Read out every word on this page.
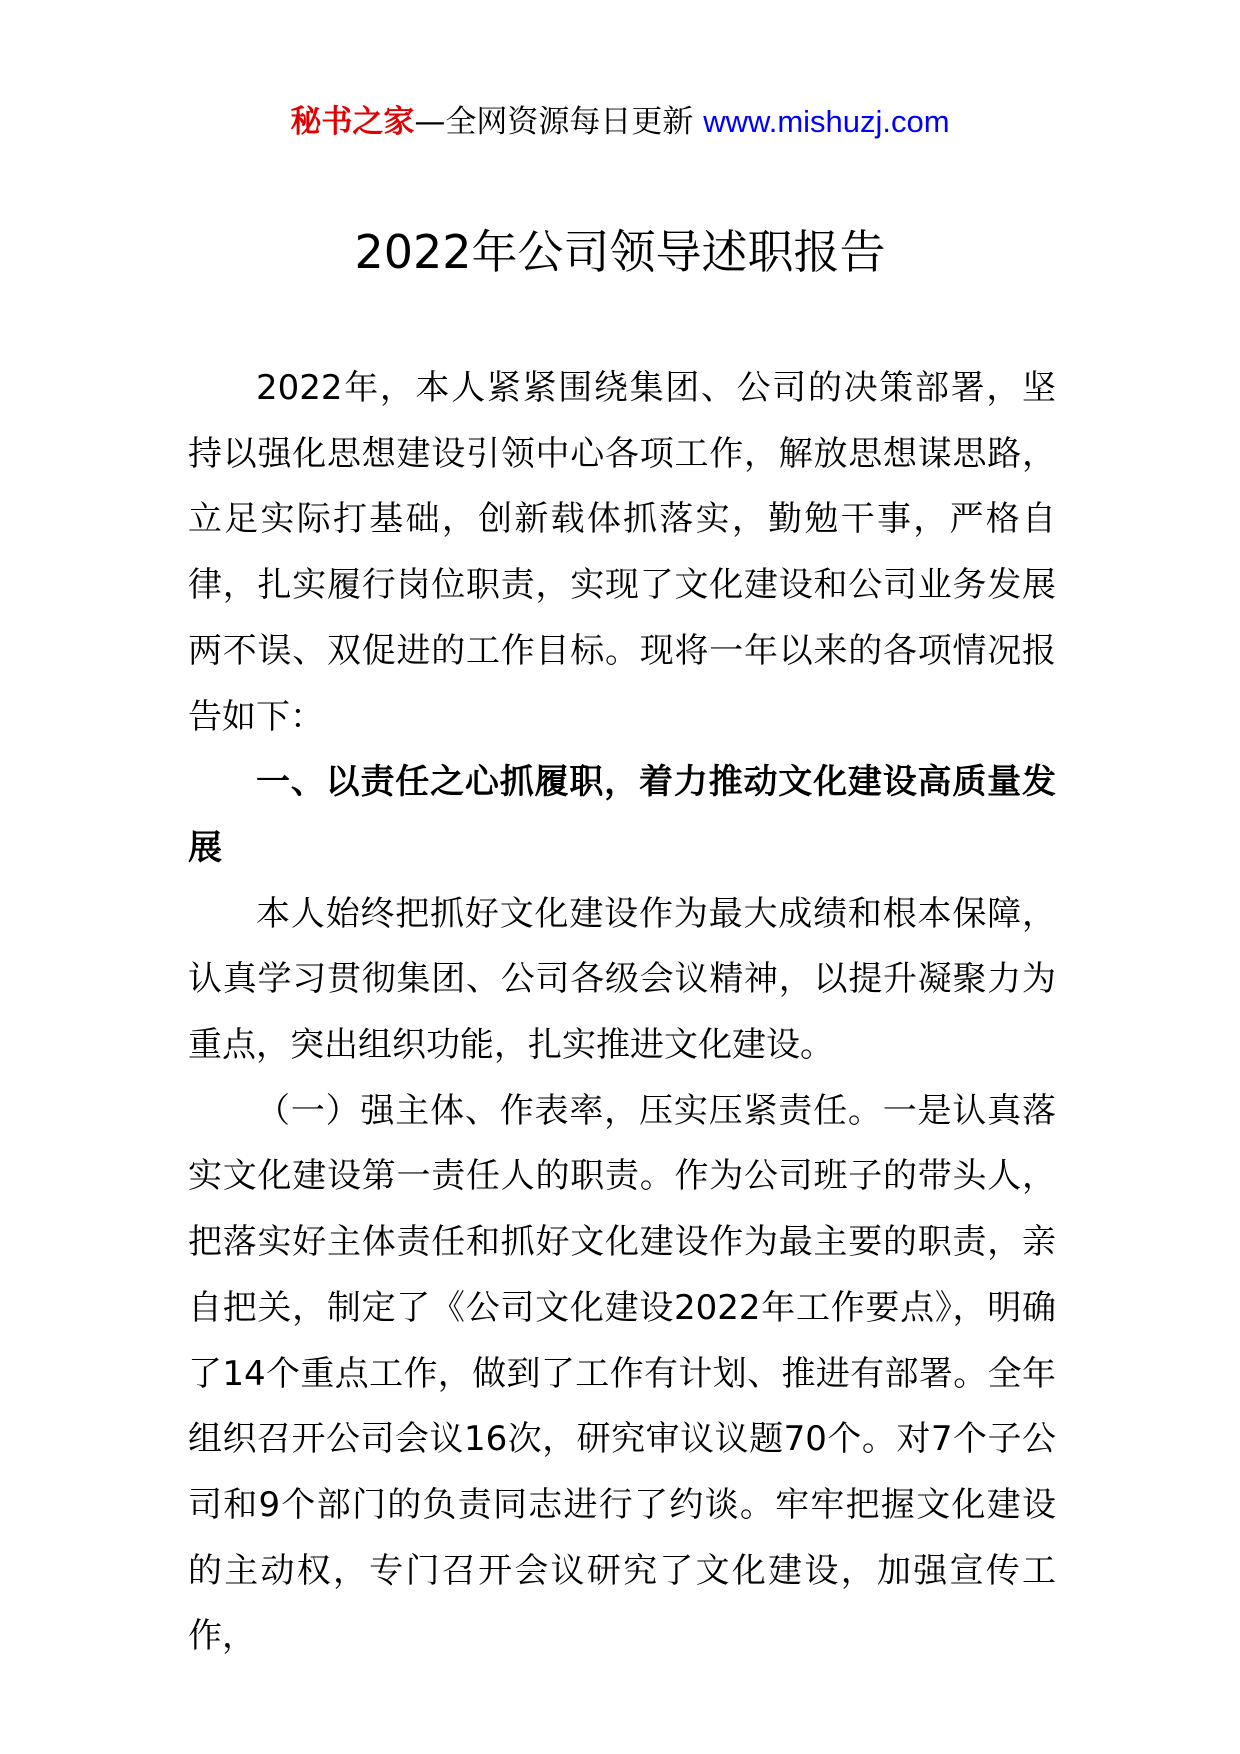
秘书之家—全网资源每日更新 www.mishuzj.com
2022年公司领导述职报告

2022年，本人紧紧围绕集团、公司的决策部署，坚持以强化思想建设引领中心各项工作，解放思想谋思路，立足实际打基础，创新载体抓落实，勤勉干事，严格自律，扎实履行岗位职责，实现了文化建设和公司业务发展两不误、双促进的工作目标。现将一年以来的各项情况报告如下：

一、以责任之心抓履职，着力推动文化建设高质量发展

本人始终把抓好文化建设作为最大成绩和根本保障，认真学习贯彻集团、公司各级会议精神，以提升凝聚力为重点，突出组织功能，扎实推进文化建设。

（一）强主体、作表率，压实压紧责任。一是认真落实文化建设第一责任人的职责。作为公司班子的带头人，把落实好主体责任和抓好文化建设作为最主要的职责，亲自把关，制定了《公司文化建设2022年工作要点》，明确了14个重点工作，做到了工作有计划、推进有部署。全年组织召开公司会议16次，研究审议议题70个。对7个子公司和9个部门的负责同志进行了约谈。牢牢把握文化建设的主动权，专门召开会议研究了文化建设，加强宣传工作，
